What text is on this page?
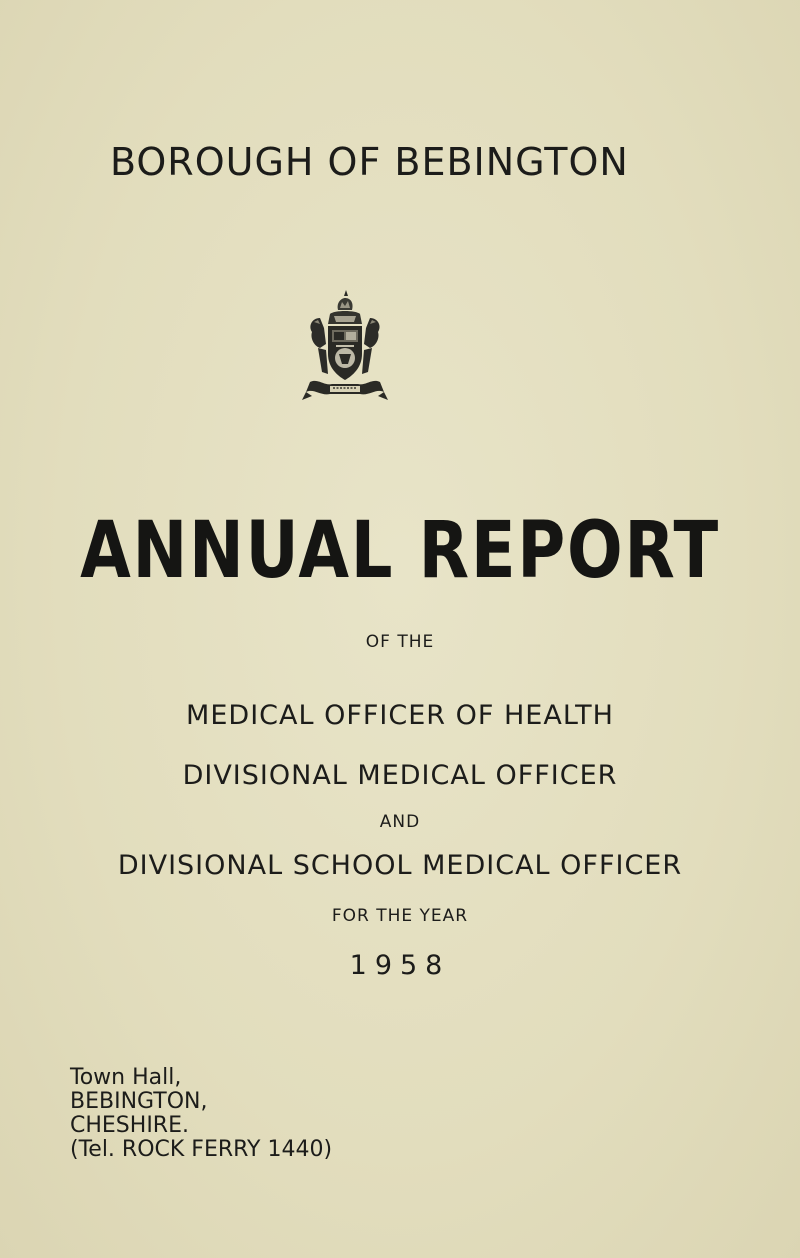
BOROUGH OF BEBINGTON
ANNUAL REPORT
OF THE
MEDICAL OFFICER OF HEALTH
DIVISIONAL MEDICAL OFFICER
AND
DIVISIONAL SCHOOL MEDICAL OFFICER
FOR THE YEAR
1958
Town Hall,
BEBINGTON,
CHESHIRE.
(Tel. ROCK FERRY 1440)
